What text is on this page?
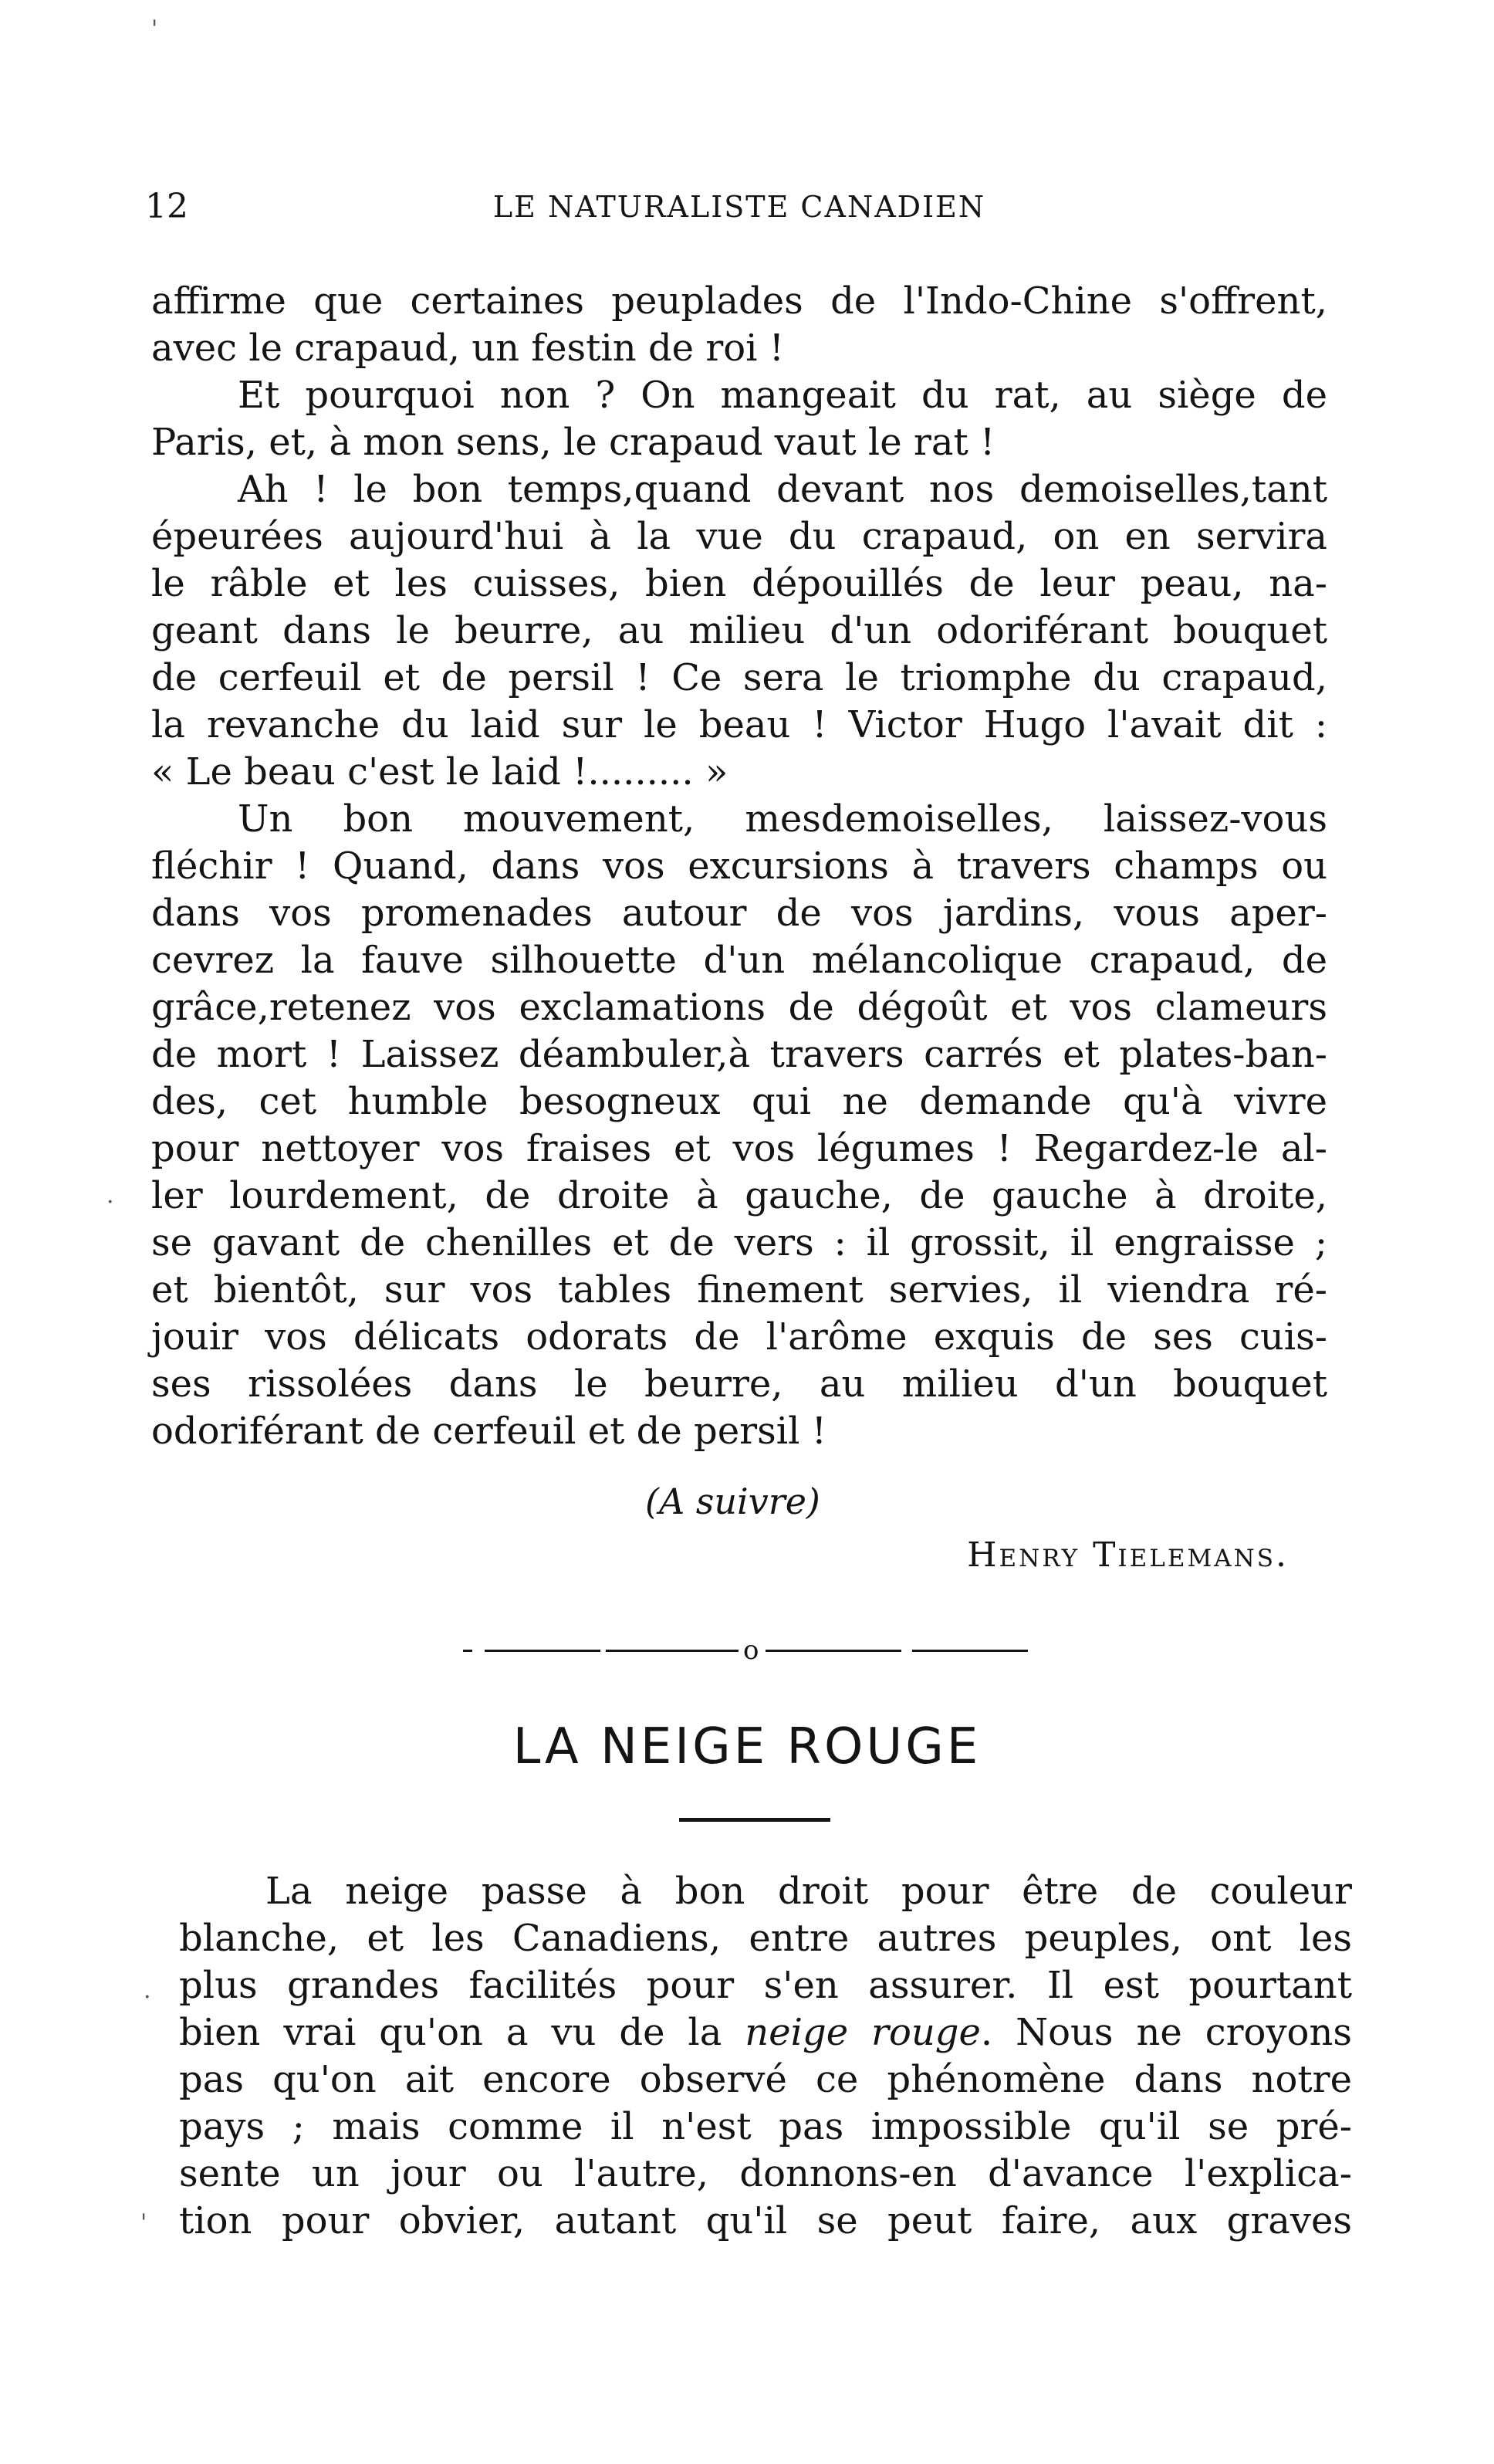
12	LE NATURALISTE CANADIEN
affirme que certaines peuplades de l'Indo-Chine s'offrent,
avec le crapaud, un festin de roi !
Et pourquoi non ? On mangeait du rat, au siège de
Paris, et, à mon sens, le crapaud vaut le rat !
Ah ! le bon temps,quand devant nos demoiselles,tant
épeurées aujourd'hui à la vue du crapaud, on en servira
le râble et les cuisses, bien dépouillés de leur peau, na-
geant dans le beurre, au milieu d'un odoriférant bouquet
de cerfeuil et de persil ! Ce sera le triomphe du crapaud,
la revanche du laid sur le beau ! Victor Hugo l'avait dit :
« Le beau c'est le laid !......... »
Un bon mouvement, mesdemoiselles, laissez-vous
fléchir ! Quand, dans vos excursions à travers champs ou
dans vos promenades autour de vos jardins, vous aper-
cevrez la fauve silhouette d'un mélancolique crapaud, de
grâce,retenez vos exclamations de dégoût et vos clameurs
de mort ! Laissez déambuler,à travers carrés et plates-ban-
des, cet humble besogneux qui ne demande qu'à vivre
pour nettoyer vos fraises et vos légumes ! Regardez-le al-
ler lourdement, de droite à gauche, de gauche à droite,
se gavant de chenilles et de vers : il grossit, il engraisse ;
et bientôt, sur vos tables finement servies, il viendra ré-
jouir vos délicats odorats de l'arôme exquis de ses cuis-
ses rissolées dans le beurre, au milieu d'un bouquet
odoriférant de cerfeuil et de persil !
(A suivre)
Henry Tielemans.
o
LA NEIGE ROUGE
La neige passe à bon droit pour être de couleur
blanche, et les Canadiens, entre autres peuples, ont les
plus grandes facilités pour s'en assurer. Il est pourtant
bien vrai qu'on a vu de la neige rouge. Nous ne croyons
pas qu'on ait encore observé ce phénomène dans notre
pays ; mais comme il n'est pas impossible qu'il se pré-
sente un jour ou l'autre, donnons-en d'avance l'explica-
tion pour obvier, autant qu'il se peut faire, aux graves
'
·
·
'
